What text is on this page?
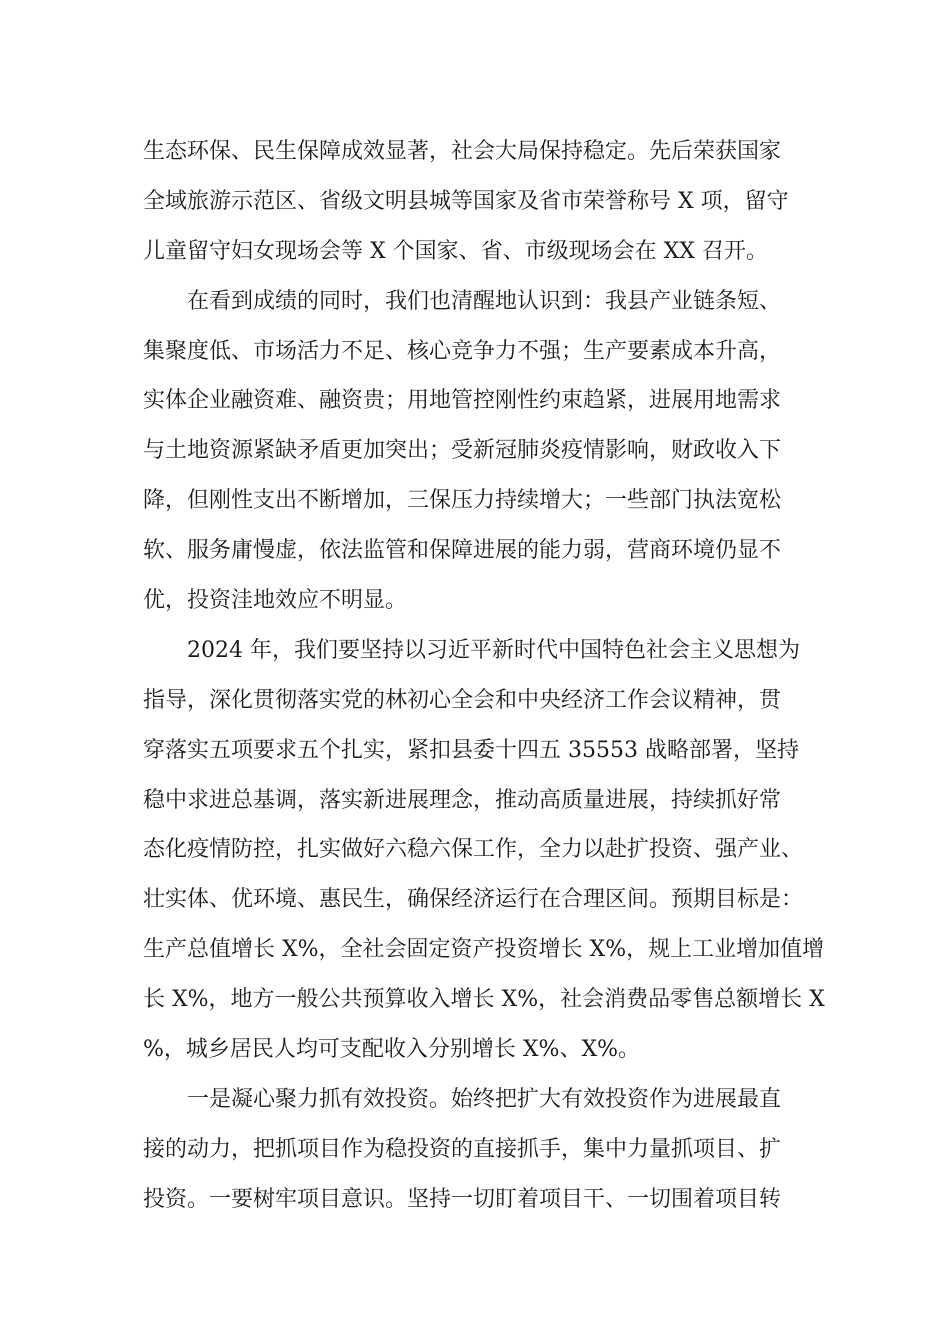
生态环保、民生保障成效显著，社会大局保持稳定。先后荣获国家
全域旅游示范区、省级文明县城等国家及省市荣誉称号 X 项，留守
儿童留守妇女现场会等 X 个国家、省、市级现场会在 XX 召开。
　　在看到成绩的同时，我们也清醒地认识到：我县产业链条短、
集聚度低、市场活力不足、核心竞争力不强；生产要素成本升高，
实体企业融资难、融资贵；用地管控刚性约束趋紧，进展用地需求
与土地资源紧缺矛盾更加突出；受新冠肺炎疫情影响，财政收入下
降，但刚性支出不断增加，三保压力持续增大；一些部门执法宽松
软、服务庸慢虚，依法监管和保障进展的能力弱，营商环境仍显不
优，投资洼地效应不明显。
　　2024 年，我们要坚持以习近平新时代中国特色社会主义思想为
指导，深化贯彻落实党的林初心全会和中央经济工作会议精神，贯
穿落实五项要求五个扎实，紧扣县委十四五 35553 战略部署，坚持
稳中求进总基调，落实新进展理念，推动高质量进展，持续抓好常
态化疫情防控，扎实做好六稳六保工作，全力以赴扩投资、强产业、
壮实体、优环境、惠民生，确保经济运行在合理区间。预期目标是：
生产总值增长 X%，全社会固定资产投资增长 X%，规上工业增加值增
长 X%，地方一般公共预算收入增长 X%，社会消费品零售总额增长 X
%，城乡居民人均可支配收入分别增长 X%、X%。
　　一是凝心聚力抓有效投资。始终把扩大有效投资作为进展最直
接的动力，把抓项目作为稳投资的直接抓手，集中力量抓项目、扩
投资。一要树牢项目意识。坚持一切盯着项目干、一切围着项目转
